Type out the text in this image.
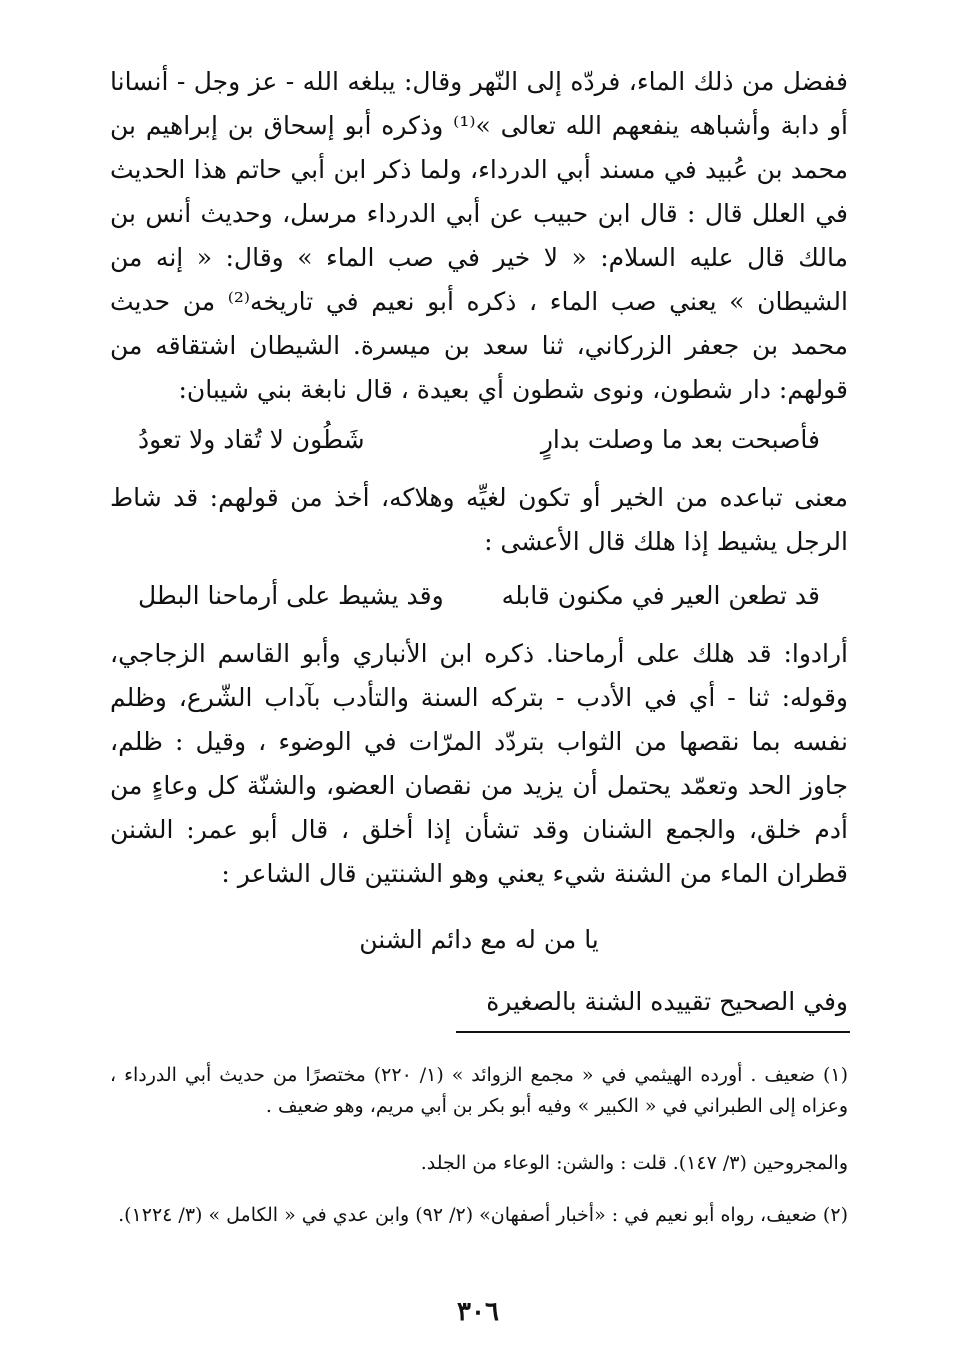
ففضل من ذلك الماء، فردّه إلى النّهر وقال: يبلغه الله - عز وجل - أنسانا أو دابة وأشباهه ينفعهم الله تعالى »⁽¹⁾ وذكره أبو إسحاق بن إبراهيم بن محمد بن عُبيد في مسند أبي الدرداء، ولما ذكر ابن أبي حاتم هذا الحديث في العلل قال : قال ابن حبيب عن أبي الدرداء مرسل، وحديث أنس بن مالك قال عليه السلام: « لا خير في صب الماء » وقال: « إنه من الشيطان » يعني صب الماء ، ذكره أبو نعيم في تاريخه⁽²⁾ من حديث محمد بن جعفر الزركاني، ثنا سعد بن ميسرة. الشيطان اشتقاقه من قولهم: دار شطون، ونوى شطون أي بعيدة ، قال نابغة بني شيبان:

فأصبحت بعد ما وصلت بدارٍ
شَطُون لا تُقاد ولا تعودُ

معنى تباعده من الخير أو تكون لغيِّه وهلاكه، أخذ من قولهم: قد شاط الرجل يشيط إذا هلك قال الأعشى :

قد تطعن العير في مكنون قابله
وقد يشيط على أرماحنا البطل

أرادوا: قد هلك على أرماحنا. ذكره ابن الأنباري وأبو القاسم الزجاجي، وقوله: ثنا - أي في الأدب - بتركه السنة والتأدب بآداب الشّرع، وظلم نفسه بما نقصها من الثواب بتردّد المرّات في الوضوء ، وقيل : ظلم، جاوز الحد وتعمّد يحتمل أن يزيد من نقصان العضو، والشنّة كل وعاءٍ من أدم خلق، والجمع الشنان وقد تشأن إذا أخلق ، قال أبو عمر: الشنن قطران الماء من الشنة شيء يعني وهو الشنتين قال الشاعر :

يا من له مع دائم الشنن
وفي الصحيح تقييده الشنة بالصغيرة

(١) ضعيف . أورده الهيثمي في « مجمع الزوائد » (١/ ٢٢٠) مختصرًا من حديث أبي الدرداء ، وعزاه إلى الطبراني في « الكبير » وفيه أبو بكر بن أبي مريم، وهو ضعيف .

والمجروحين (٣/ ١٤٧). قلت : والشن: الوعاء من الجلد.

(٢) ضعيف، رواه أبو نعيم في : «أخبار أصفهان» (٢/ ٩٢) وابن عدي في « الكامل » (٣/ ١٢٢٤).

٣٠٦
